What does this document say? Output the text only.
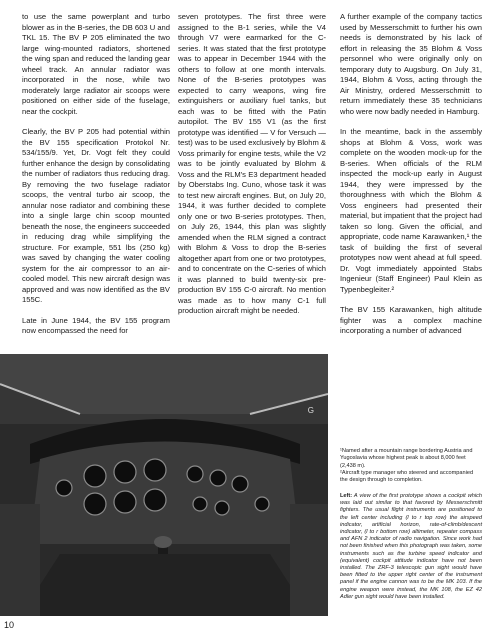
to use the same powerplant and turbo blower as in the B-series, the DB 603 U and TKL 15. The BV P 205 eliminated the two large wing-mounted radiators, shortened the wing span and reduced the landing gear wheel track. An annular radiator was incorporated in the nose, while two moderately large radiator air scoops were positioned on either side of the fuselage, near the cockpit.

Clearly, the BV P 205 had potential within the BV 155 specification Protokol Nr. 534/155/9. Yet, Dr. Vogt felt they could further enhance the design by consolidating the number of radiators thus reducing drag. By removing the two fuselage radiator scoops, the ventral turbo air scoop, the annular nose radiator and combining these into a single large chin scoop mounted beneath the nose, the engineers succeeded in reducing drag while simplifying the structure. For example, 551 lbs (250 kg) was saved by changing the water cooling system for the air compressor to an air-cooled model. This new aircraft design was approved and was now identified as the BV 155C.

Late in June 1944, the BV 155 program now encompassed the need for

seven prototypes. The first three were assigned to the B-1 series, while the V4 through V7 were earmarked for the C-series. It was stated that the first prototype was to appear in December 1944 with the others to follow at one month intervals. None of the B-series prototypes was expected to carry weapons, wing fire extinguishers or auxiliary fuel tanks, but each was to be fitted with the Patin autopilot. The BV 155 V1 (as the first prototype was identified — V for Versuch — test) was to be used exclusively by Blohm & Voss primarily for engine tests, while the V2 was to be jointly evaluated by Blohm & Voss and the RLM's E3 department headed by Oberstabs Ing. Cuno, whose task it was to test new aircraft engines. But, on July 20, 1944, it was further decided to complete only one or two B-series prototypes. Then, on July 26, 1944, this plan was slightly amended when the RLM signed a contract with Blohm & Voss to drop the B-series altogether apart from one or two prototypes, and to concentrate on the C-series of which it was planned to build twenty-six pre-production BV 155 C-0 aircraft. No mention was made as to how many C-1 full production aircraft might be needed.

A further example of the company tactics used by Messerschmitt to further his own needs is demonstrated by his lack of effort in releasing the 35 Blohm & Voss personnel who were originally only on temporary duty to Augsburg. On July 31, 1944, Blohm & Voss, acting through the Air Ministry, ordered Messerschmitt to return immediately these 35 technicians who were now badly needed in Hamburg.

In the meantime, back in the assembly shops at Blohm & Voss, work was complete on the wooden mock-up for the B-series. When officials of the RLM inspected the mock-up early in August 1944, they were impressed by the thoroughness with which the Blohm & Voss engineers had presented their material, but impatient that the project had taken so long. Given the official, and appropriate, code name Karawanken,¹ the task of building the first of several prototypes now went ahead at full speed. Dr. Vogt immediately appointed Stabs Ingenieur (Staff Engineer) Paul Klein as Typenbegleiter.²

The BV 155 Karawanken, high altitude fighter was a complex machine incorporating a number of advanced

G
¹Named after a mountain range bordering Austria and Yugoslavia whose highest peak is about 8,000 feet (2,438 m).
²Aircraft type manager who steered and accompanied the design through to completion.
Left: A view of the first prototype shows a cockpit which was laid out similar to that favored by Messerschmitt fighters. The usual flight instruments are positioned to the left center including (l to r top row) the airspeed indicator, artificial horizon, rate-of-climb/descent indicator, (l to r bottom row) altimeter, repeater compass and AFN 2 indicator of radio navigation. Since work had not been finished when this photograph was taken, some instruments such as the turbine speed indicator and (equivalent) cockpit attitude indicator have not been installed. The ZRF-3 telescopic gun sight would have been fitted to the upper right center of the instrument panel if the engine cannon was to be the MK 103. If the engine weapon were instead, the MK 108, the EZ 42 Adler gun sight would have been installed.
10
